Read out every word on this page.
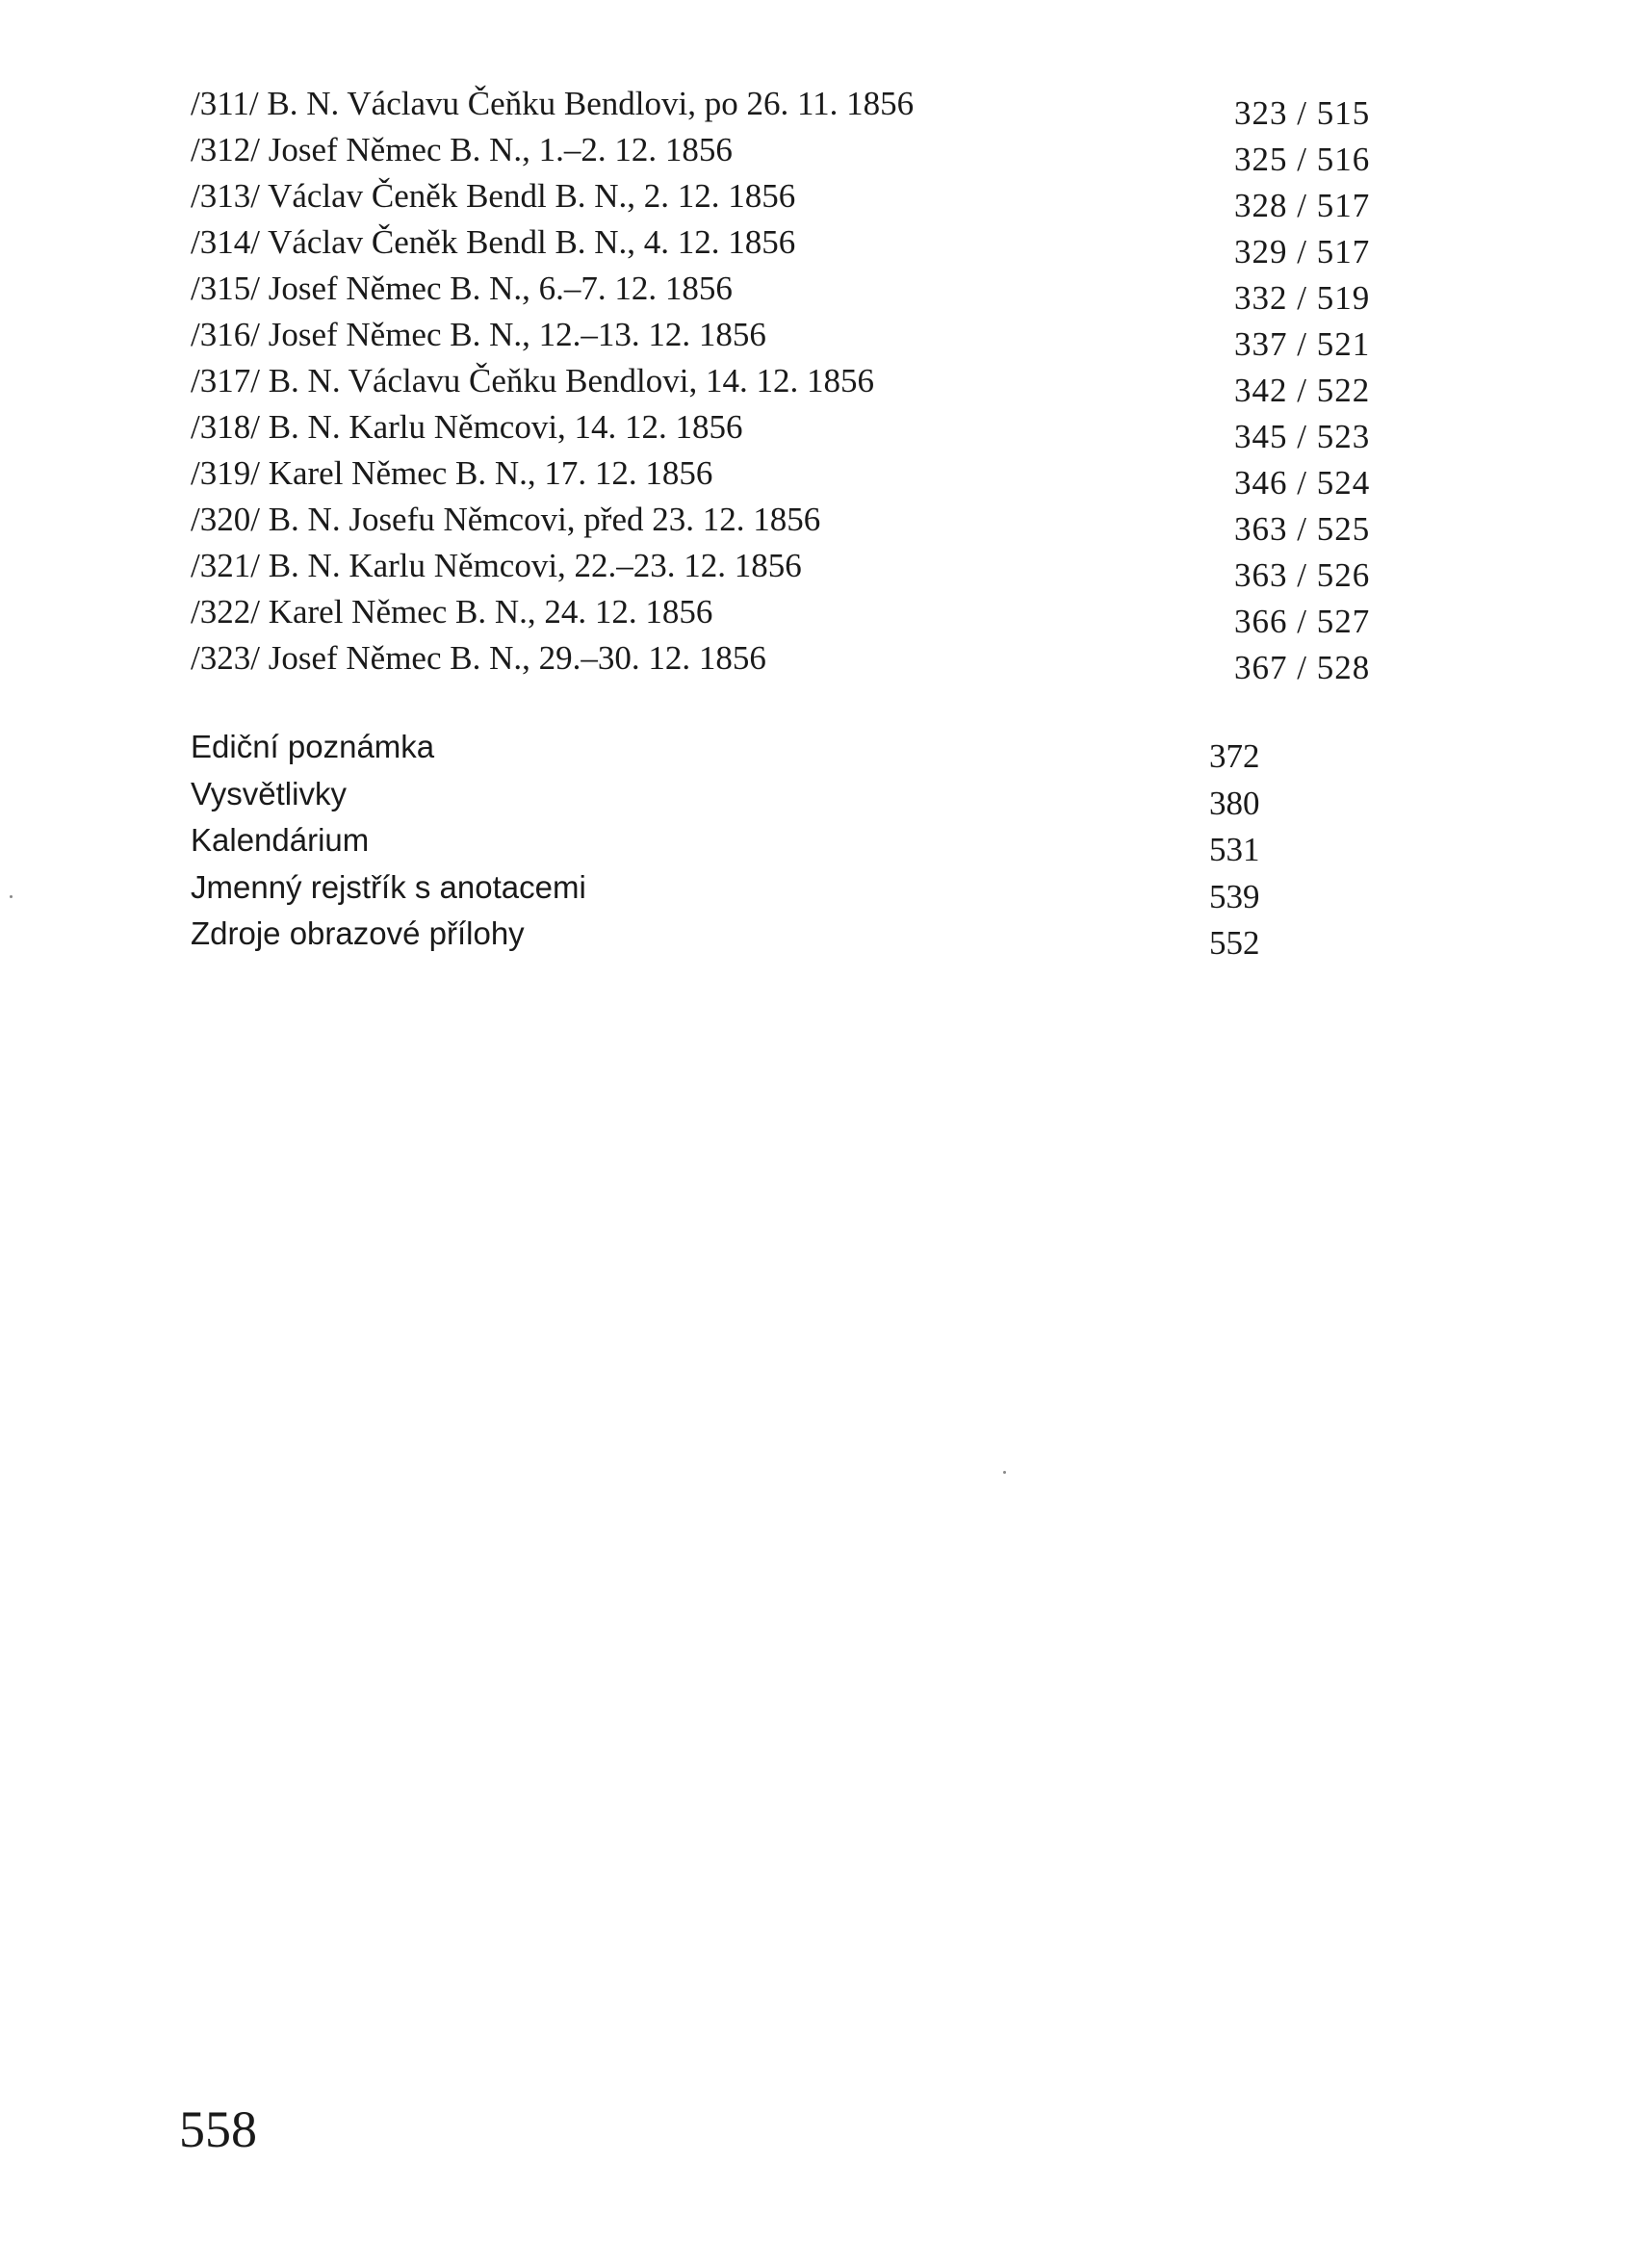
/311/ B. N. Václavu Čeňku Bendlovi, po 26. 11. 1856	323 / 515
/312/ Josef Němec B. N., 1.–2. 12. 1856	325 / 516
/313/ Václav Čeněk Bendl B. N., 2. 12. 1856	328 / 517
/314/ Václav Čeněk Bendl B. N., 4. 12. 1856	329 / 517
/315/ Josef Němec B. N., 6.–7. 12. 1856	332 / 519
/316/ Josef Němec B. N., 12.–13. 12. 1856	337 / 521
/317/ B. N. Václavu Čeňku Bendlovi, 14. 12. 1856	342 / 522
/318/ B. N. Karlu Němcovi, 14. 12. 1856	345 / 523
/319/ Karel Němec B. N., 17. 12. 1856	346 / 524
/320/ B. N. Josefu Němcovi, před 23. 12. 1856	363 / 525
/321/ B. N. Karlu Němcovi, 22.–23. 12. 1856	363 / 526
/322/ Karel Němec B. N., 24. 12. 1856	366 / 527
/323/ Josef Němec B. N., 29.–30. 12. 1856	367 / 528
Ediční poznámka	372
Vysvětlivky	380
Kalendárium	531
Jmenný rejstřík s anotacemi	539
Zdroje obrazové přílohy	552
558
